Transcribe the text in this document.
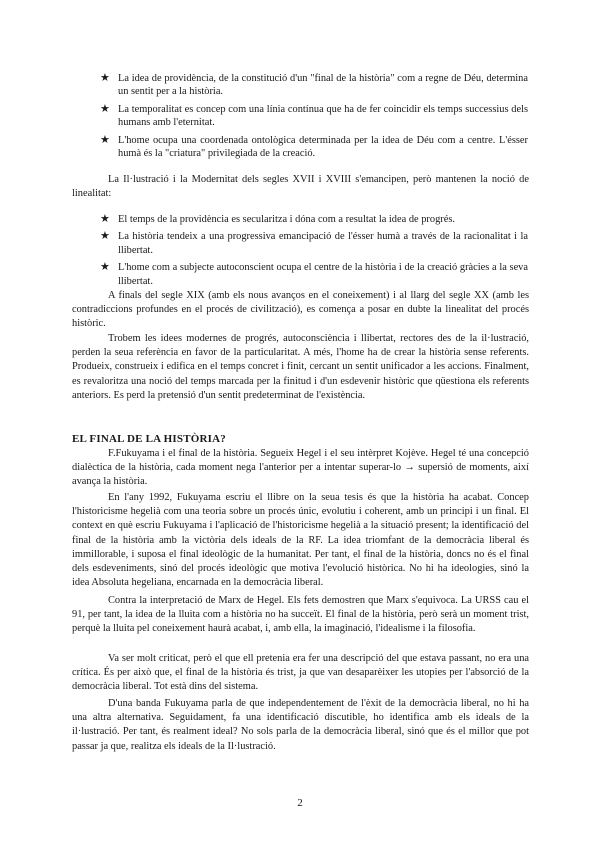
★ La idea de providència, de la constitució d'un "final de la història" com a regne de Déu, determina un sentit per a la història.
★ La temporalitat es concep com una línia contínua que ha de fer coincidir els temps successius dels humans amb l'eternitat.
★ L'home ocupa una coordenada ontològica determinada per la idea de Déu com a centre. L'ésser humà és la "criatura" privilegiada de la creació.

La Il·lustració i la Modernitat dels segles XVII i XVIII s'emancipen, però mantenen la noció de linealitat:

★ El temps de la providència es secularitza i dóna com a resultat la idea de progrés.
★ La història tendeix a una progressiva emancipació de l'ésser humà a través de la racionalitat i la llibertat.
★ L'home com a subjecte autoconscient ocupa el centre de la història i de la creació gràcies a la seva llibertat.

A finals del segle XIX (amb els nous avanços en el coneixement) i al llarg del segle XX (amb les contradiccions profundes en el procés de civilització), es comença a posar en dubte la linealitat del procés històric.

Trobem les idees modernes de progrés, autoconsciència i llibertat, rectores des de la il·lustració, perden la seua referència en favor de la particularitat. A més, l'home ha de crear la història sense referents. Produeix, construeix i edifica en el temps concret i finit, cercant un sentit unificador a les accions. Finalment, es revaloritza una noció del temps marcada per la finitud i d'un esdevenir històric que qüestiona els referents anteriors. Es perd la pretensió d'un sentit predeterminat de l'existència.

EL FINAL DE LA HISTÒRIA?

F.Fukuyama i el final de la història. Segueix Hegel i el seu intèrpret Kojève. Hegel té una concepció dialèctica de la història, cada moment nega l'anterior per a intentar superar-lo → supersió de moments, així avança la història.

En l'any 1992, Fukuyama escriu el llibre on la seua tesis és que la història ha acabat. Concep l'historicisme hegelià com una teoria sobre un procés únic, evolutiu i coherent, amb un principi i un final. El context en què escriu Fukuyama i l'aplicació de l'historicisme hegelià a la situació present; la identificació del final de la història amb la victòria dels ideals de la RF. La idea triomfant de la democràcia liberal és immillorable, i suposa el final ideològic de la humanitat. Per tant, el final de la història, doncs no és el final dels esdeveniments, sinó del procés ideològic que motiva l'evolució històrica. No hi ha ideologies, sinó la idea Absoluta hegeliana, encarnada en la democràcia liberal.

Contra la interpretació de Marx de Hegel. Els fets demostren que Marx s'equivoca. La URSS cau el 91, per tant, la idea de la lluita com a història no ha succeït. El final de la història, però serà un moment trist, perquè la lluita pel coneixement haurà acabat, i, amb ella, la imaginació, l'idealisme i la filosofia.

Va ser molt criticat, però el que ell pretenia era fer una descripció del que estava passant, no era una crítica. És per això que, el final de la història és trist, ja que van desaparèixer les utopies per l'absorció de la democràcia liberal. Tot està dins del sistema.

D'una banda Fukuyama parla de que independentement de l'èxit de la democràcia liberal, no hi ha una altra alternativa. Seguidament, fa una identificació discutible, ho identifica amb els ideals de la il·lustració. Per tant, és realment ideal? No sols parla de la democràcia liberal, sinó que és el millor que pot passar ja que, realitza els ideals de la Il·lustració.

2
